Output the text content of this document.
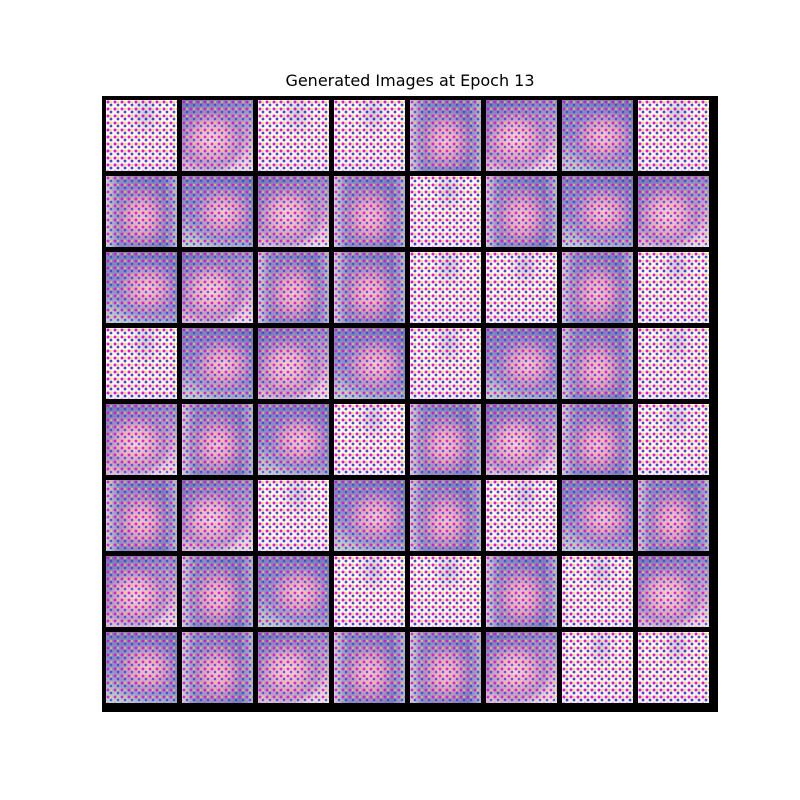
Generated Images at Epoch 13
